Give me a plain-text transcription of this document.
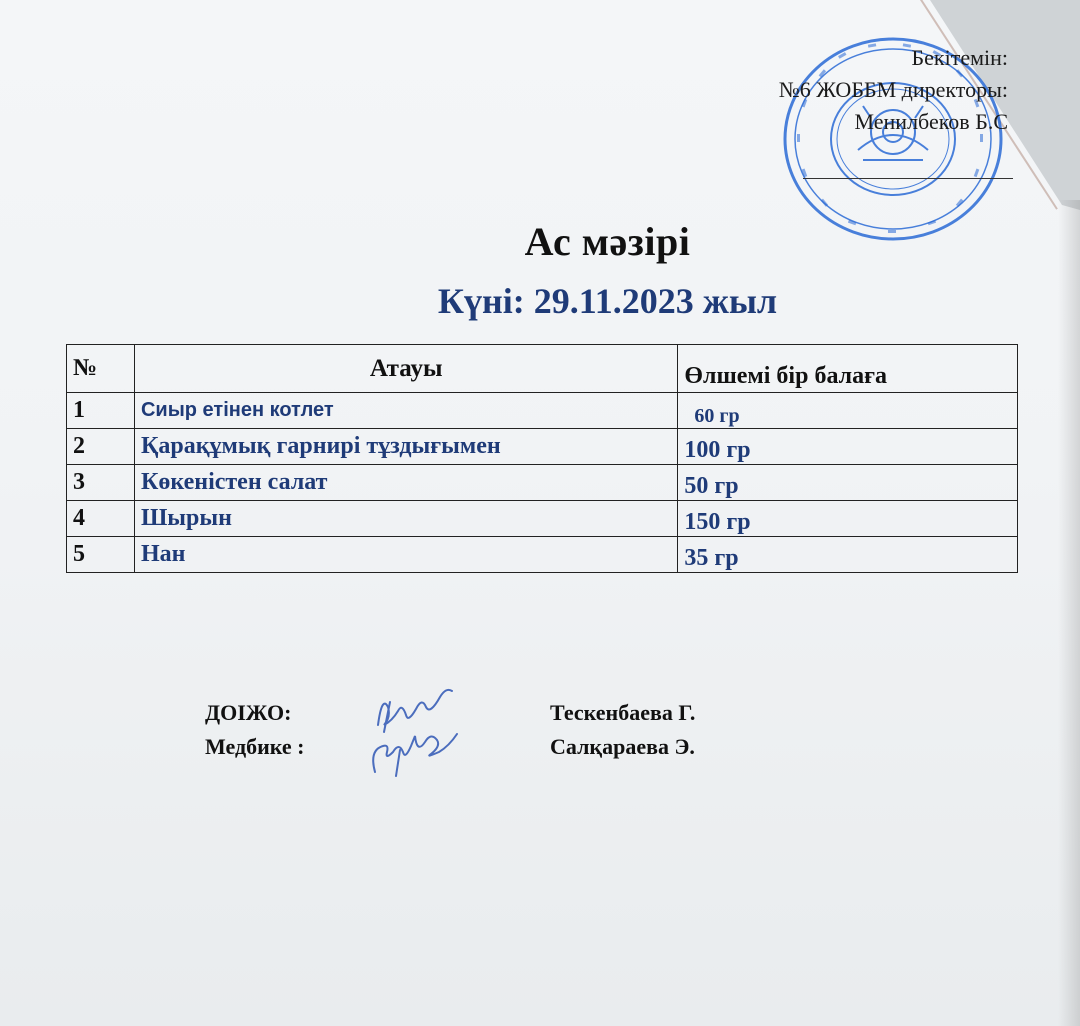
Бекітемін:
№6 ЖОББМ директоры:
Менилбеков Б.С
Ас мәзірі
Күні: 29.11.2023 жыл
№	Атауы	Өлшемі бір балаға
1	Сиыр етінен котлет	60 гр
2	Қарақұмық гарнирі тұздығымен	100 гр
3	Көкеністен салат	50 гр
4	Шырын	150 гр
5	Нан	35 гр
ДОІЖО:	Тескенбаева Г.
Медбике :	Салқараева Э.
